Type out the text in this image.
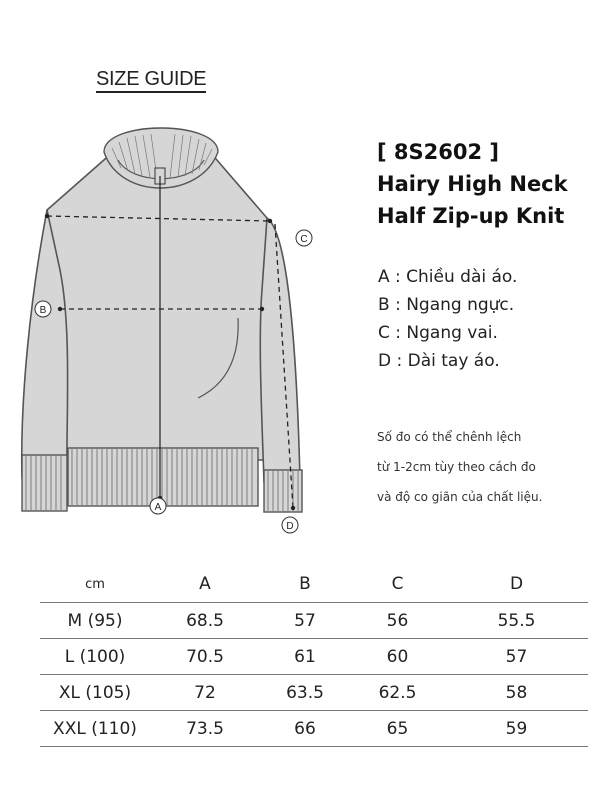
SIZE GUIDE
A
B
C
D
[ 8S2602 ]
Hairy High Neck
Half Zip-up Knit
A : Chiều dài áo.
B : Ngang ngực.
C : Ngang vai.
D : Dài tay áo.
Số đo có thể chênh lệch
từ 1-2cm tùy theo cách đo
và độ co giãn của chất liệu.
cm	A	B	C	D
M (95)	68.5	57	56	55.5
L (100)	70.5	61	60	57
XL (105)	72	63.5	62.5	58
XXL (110)	73.5	66	65	59
